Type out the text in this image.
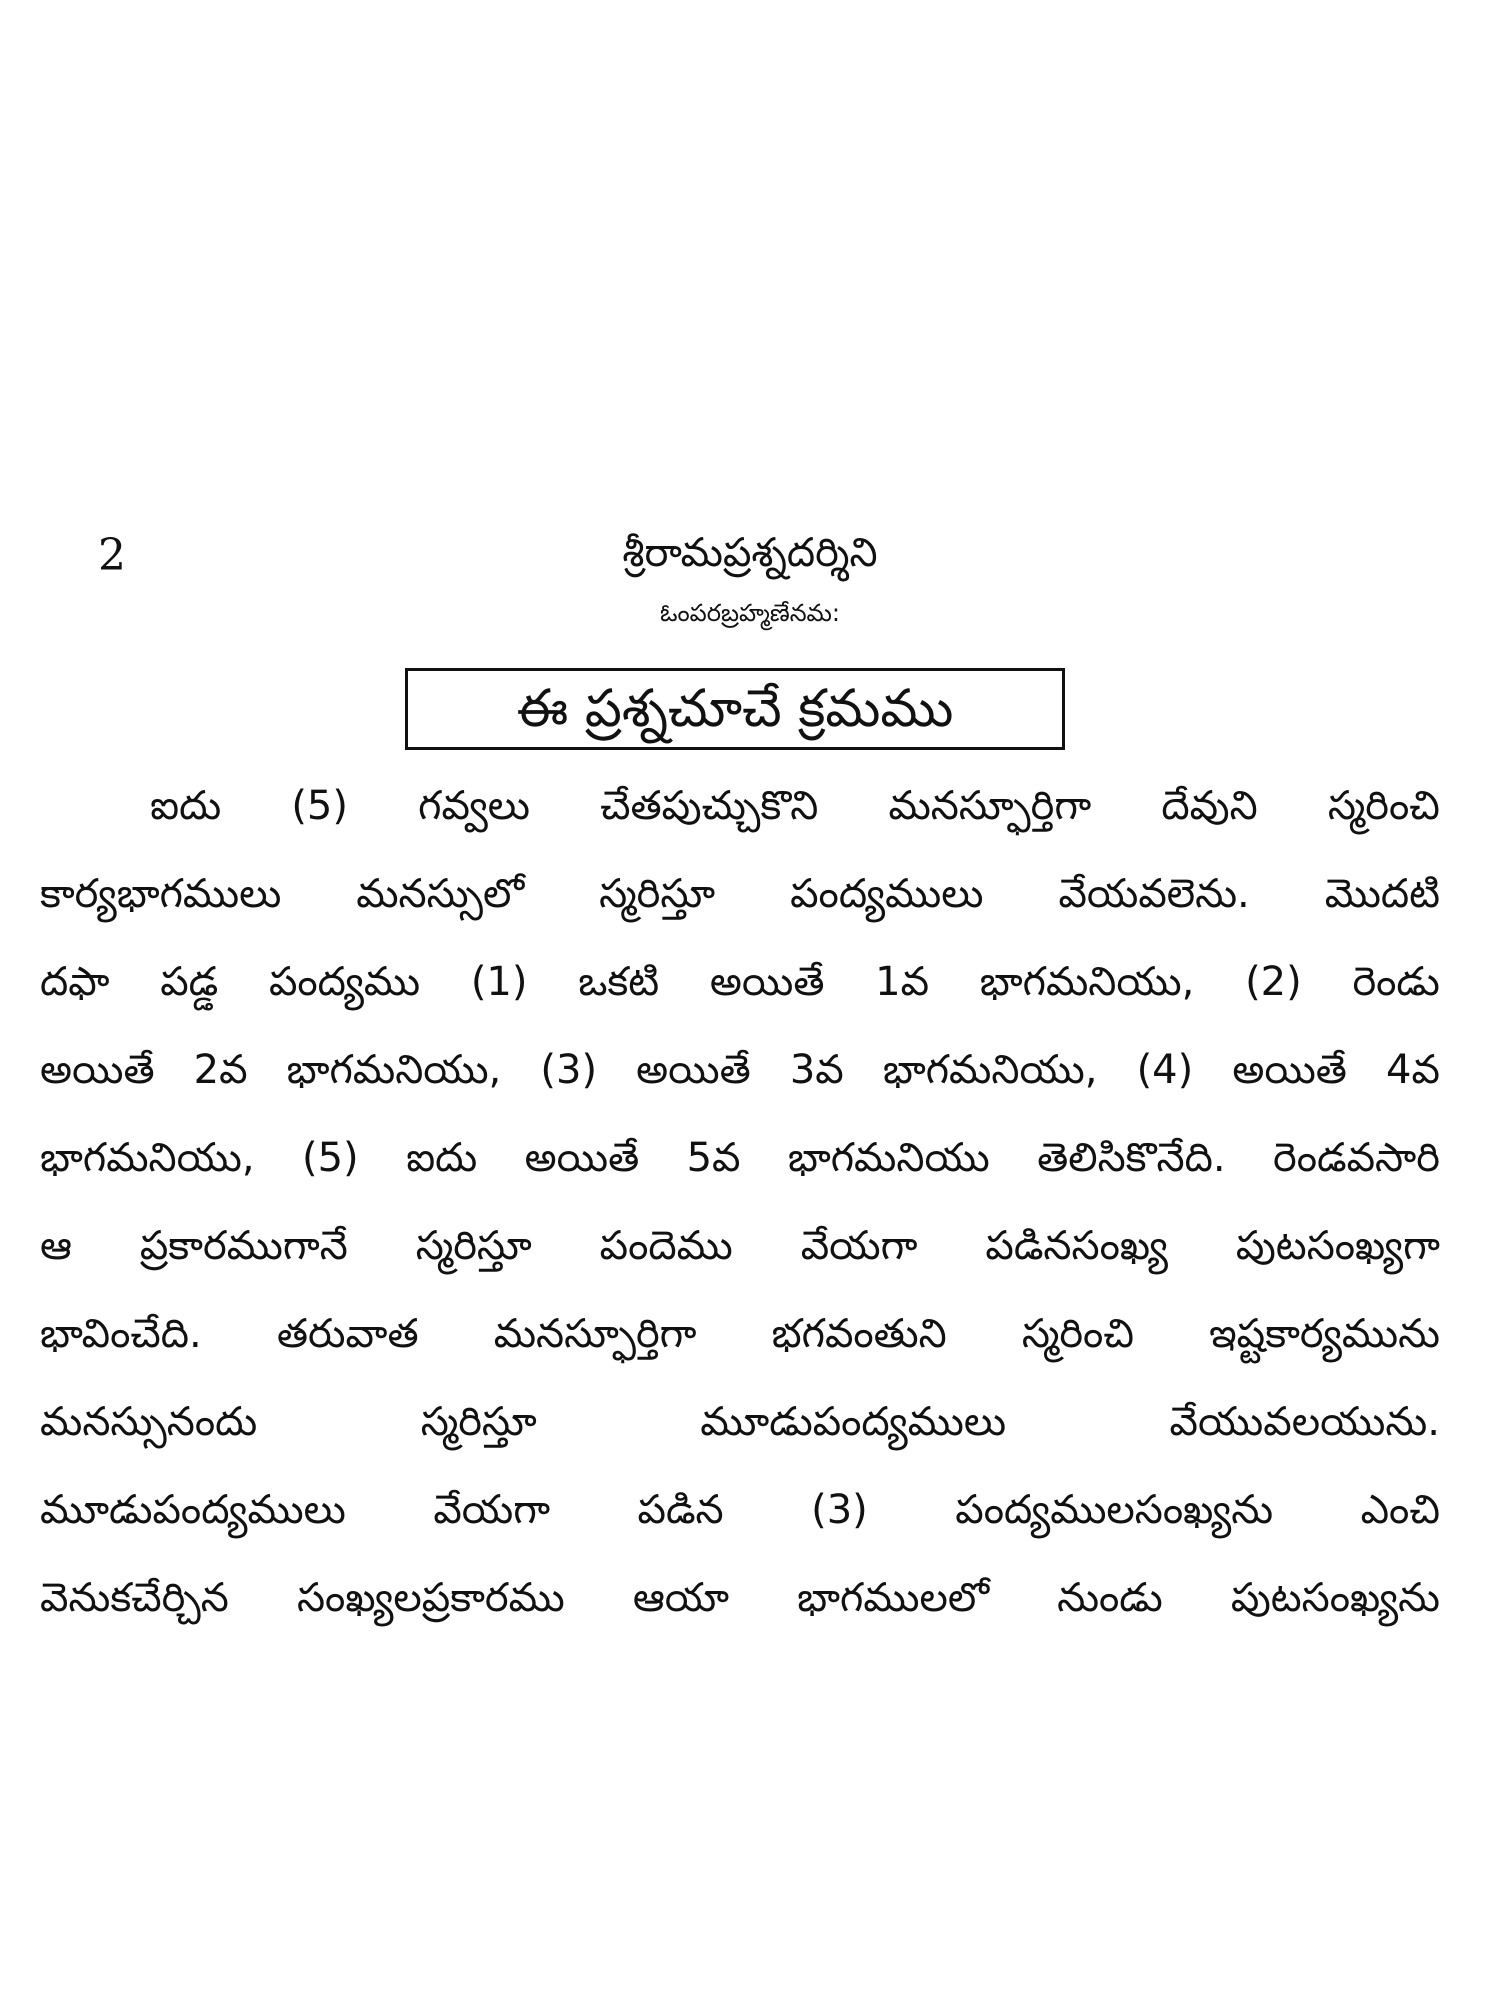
2	శ్రీరామప్రశ్నదర్శిని
ఓంపరబ్రహ్మణేనమ:
ఈ ప్రశ్నచూచే క్రమము
ఐదు (5) గవ్వలు చేతపుచ్చుకొని మనస్ఫూర్తిగా దేవుని స్మరించి
కార్యభాగములు మనస్సులో స్మరిస్తూ పంద్యములు వేయవలెను. మొదటి
దఫా పడ్డ పంద్యము (1) ఒకటి అయితే 1వ భాగమనియు, (2) రెండు
అయితే 2వ భాగమనియు, (3) అయితే 3వ భాగమనియు, (4) అయితే 4వ
భాగమనియు, (5) ఐదు అయితే 5వ భాగమనియు తెలిసికొనేది. రెండవసారి
ఆ ప్రకారముగానే స్మరిస్తూ పందెము వేయగా పడినసంఖ్య పుటసంఖ్యగా
భావించేది. తరువాత మనస్ఫూర్తిగా భగవంతుని స్మరించి ఇష్టకార్యమును
మనస్సునందు	స్మరిస్తూ	మూడుపంద్యములు	వేయువలయును.
మూడుపంద్యములు వేయగా పడిన (3) పంద్యములసంఖ్యను ఎంచి
వెనుకచేర్చిన సంఖ్యలప్రకారము ఆయా భాగములలో నుండు పుటసంఖ్యను
